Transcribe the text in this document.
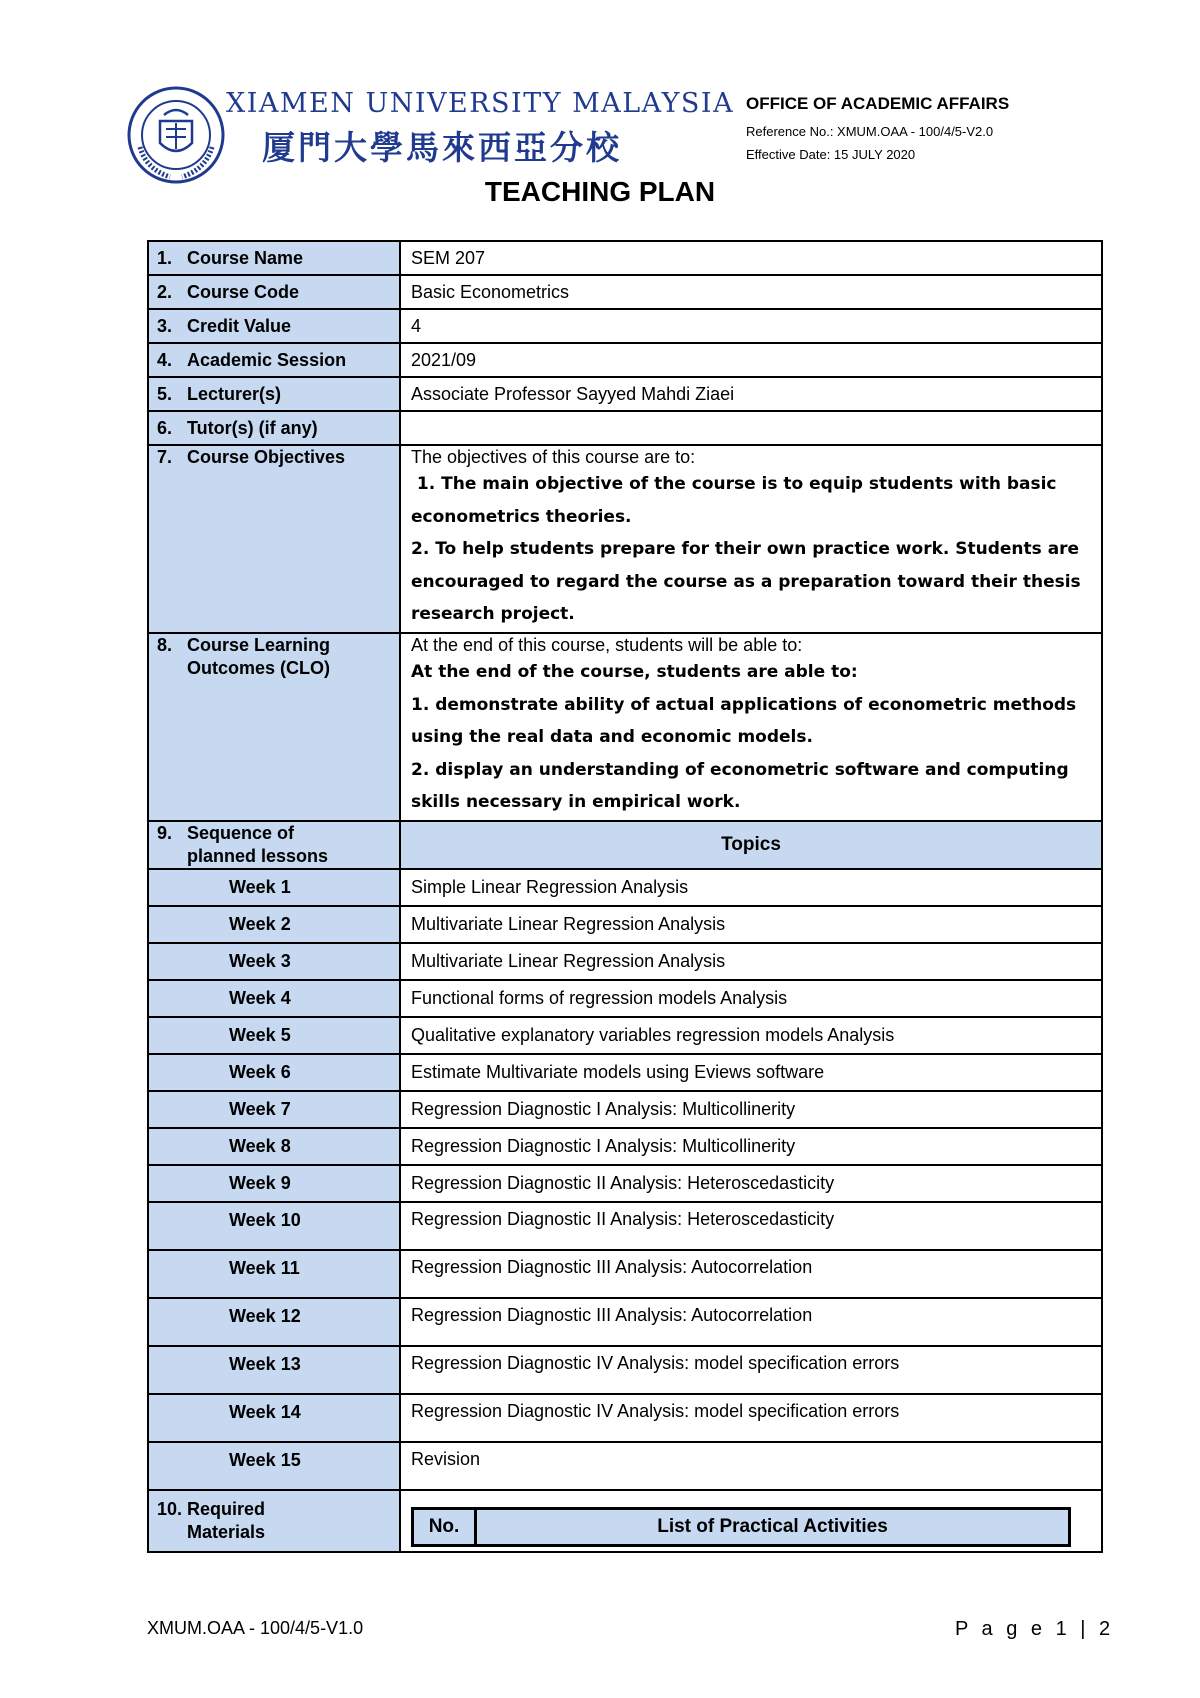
XIAMEN UNIVERSITY MALAYSIA
厦門大學馬來西亞分校
OFFICE OF ACADEMIC AFFAIRS
Reference No.: XMUM.OAA - 100/4/5-V2.0
Effective Date: 15 JULY 2020
TEACHING PLAN
1. Course Name	SEM 207
2. Course Code	Basic Econometrics
3. Credit Value	4
4. Academic Session	2021/09
5. Lecturer(s)	Associate Professor Sayyed Mahdi Ziaei
6. Tutor(s) (if any)	
7. Course Objectives	The objectives of this course are to:
1. The main objective of the course is to equip students with basic
econometrics theories.
2. To help students prepare for their own practice work. Students are
encouraged to regard the course as a preparation toward their thesis
research project.

8. Course Learning
Outcomes (CLO)	
At the end of this course, students will be able to:
At the end of the course, students are able to:
1. demonstrate ability of actual applications of econometric methods
using the real data and economic models.
2. display an understanding of econometric software and computing
skills necessary in empirical work.

9. Sequence of
planned lessons	Topics
Week 1	Simple Linear Regression Analysis
Week 2	Multivariate Linear Regression Analysis
Week 3	Multivariate Linear Regression Analysis
Week 4	Functional forms of regression models Analysis
Week 5	Qualitative explanatory variables regression models Analysis
Week 6	Estimate Multivariate models using Eviews software
Week 7	Regression Diagnostic I Analysis: Multicollinerity
Week 8	Regression Diagnostic I Analysis: Multicollinerity
Week 9	Regression Diagnostic II Analysis: Heteroscedasticity
Week 10	Regression Diagnostic II Analysis: Heteroscedasticity
Week 11	Regression Diagnostic III Analysis: Autocorrelation
Week 12	Regression Diagnostic III Analysis: Autocorrelation
Week 13	Regression Diagnostic IV Analysis: model specification errors
Week 14	Regression Diagnostic IV Analysis: model specification errors
Week 15	Revision
10. Required
Materials		No.	List of Practical Activities
XMUM.OAA - 100/4/5-V1.0	P a g e 1 | 2
